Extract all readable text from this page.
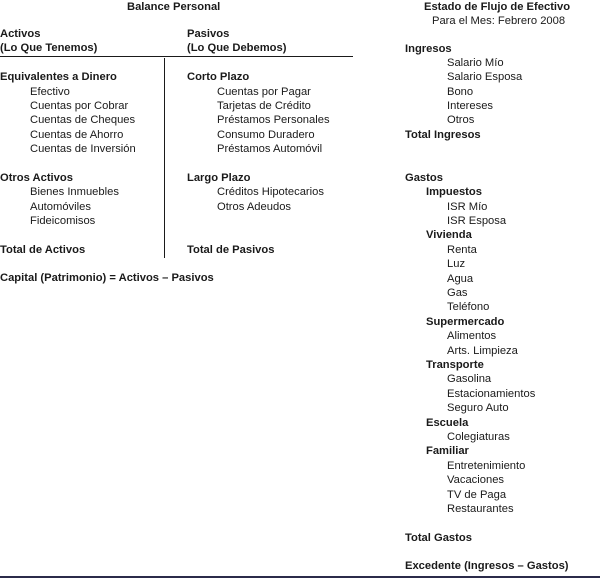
Balance Personal
Activos
(Lo Que Tenemos)
Pasivos
(Lo Que Debemos)
Equivalentes a Dinero
Efectivo
Cuentas por Cobrar
Cuentas de Cheques
Cuentas de Ahorro
Cuentas de Inversión
Otros Activos
Bienes Inmuebles
Automóviles
Fideicomisos
Corto Plazo
Cuentas por Pagar
Tarjetas de Crédito
Préstamos Personales
Consumo Duradero
Préstamos Automóvil
Largo Plazo
Créditos Hipotecarios
Otros Adeudos
Total de Activos	Total de Pasivos
Capital (Patrimonio) = Activos – Pasivos
Estado de Flujo de Efectivo
Para el Mes: Febrero 2008
Ingresos
Salario Mío
Salario Esposa
Bono
Intereses
Otros
Total Ingresos
Gastos
Impuestos
ISR Mío
ISR Esposa
Vivienda
Renta
Luz
Agua
Gas
Teléfono
Supermercado
Alimentos
Arts. Limpieza
Transporte
Gasolina
Estacionamientos
Seguro Auto
Escuela
Colegiaturas
Familiar
Entretenimiento
Vacaciones
TV de Paga
Restaurantes
Total Gastos
Excedente (Ingresos – Gastos)
